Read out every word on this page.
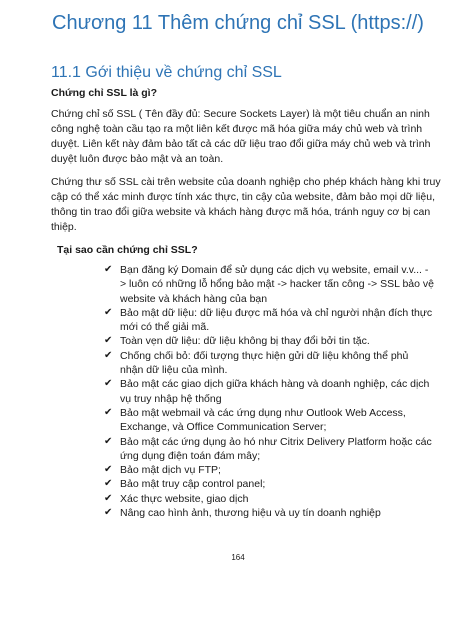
Chương 11 Thêm chứng chỉ SSL (https://)
11.1 Gới thiệu về chứng chỉ SSL
Chứng chỉ SSL là gì?

Chứng chỉ số SSL ( Tên đầy đủ: Secure Sockets Layer) là một tiêu chuẩn an ninh
công nghệ toàn cầu tạo ra một liên kết được mã hóa giữa máy chủ web và trình
duyệt. Liên kết này đảm bảo tất cả các dữ liệu trao đổi giữa máy chủ web và trình
duyệt luôn được bảo mật và an toàn.

Chứng thư số SSL cài trên website của doanh nghiệp cho phép khách hàng khi truy
cập có thể xác minh được tính xác thực, tin cậy của website, đảm bảo mọi dữ liệu,
thông tin trao đổi giữa website và khách hàng được mã hóa, tránh nguy cơ bị can
thiệp.

Tại sao cần chứng chỉ SSL?
✔ Bạn đăng ký Domain để sử dụng các dịch vụ website, email v.v... -
> luôn có những lỗ hổng bảo mật -> hacker tấn công -> SSL bảo vệ
website và khách hàng của bạn
✔ Bảo mật dữ liệu: dữ liệu được mã hóa và chỉ người nhận đích thực
mới có thể giải mã.
✔ Toàn vẹn dữ liệu: dữ liệu không bị thay đổi bởi tin tặc.
✔ Chống chối bỏ: đối tượng thực hiện gửi dữ liệu không thể phủ
nhận dữ liệu của mình.
✔ Bảo mật các giao dịch giữa khách hàng và doanh nghiệp, các dịch
vụ truy nhập hệ thống
✔ Bảo mật webmail và các ứng dụng như Outlook Web Access,
Exchange, và Office Communication Server;
✔ Bảo mật các ứng dụng ảo hó như Citrix Delivery Platform hoặc các
ứng dụng điện toán đám mây;
✔ Bảo mật dịch vụ FTP;
✔ Bảo mật truy cập control panel;
✔ Xác thực website, giao dịch
✔ Nâng cao hình ảnh, thương hiệu và uy tín doanh nghiệp
164
